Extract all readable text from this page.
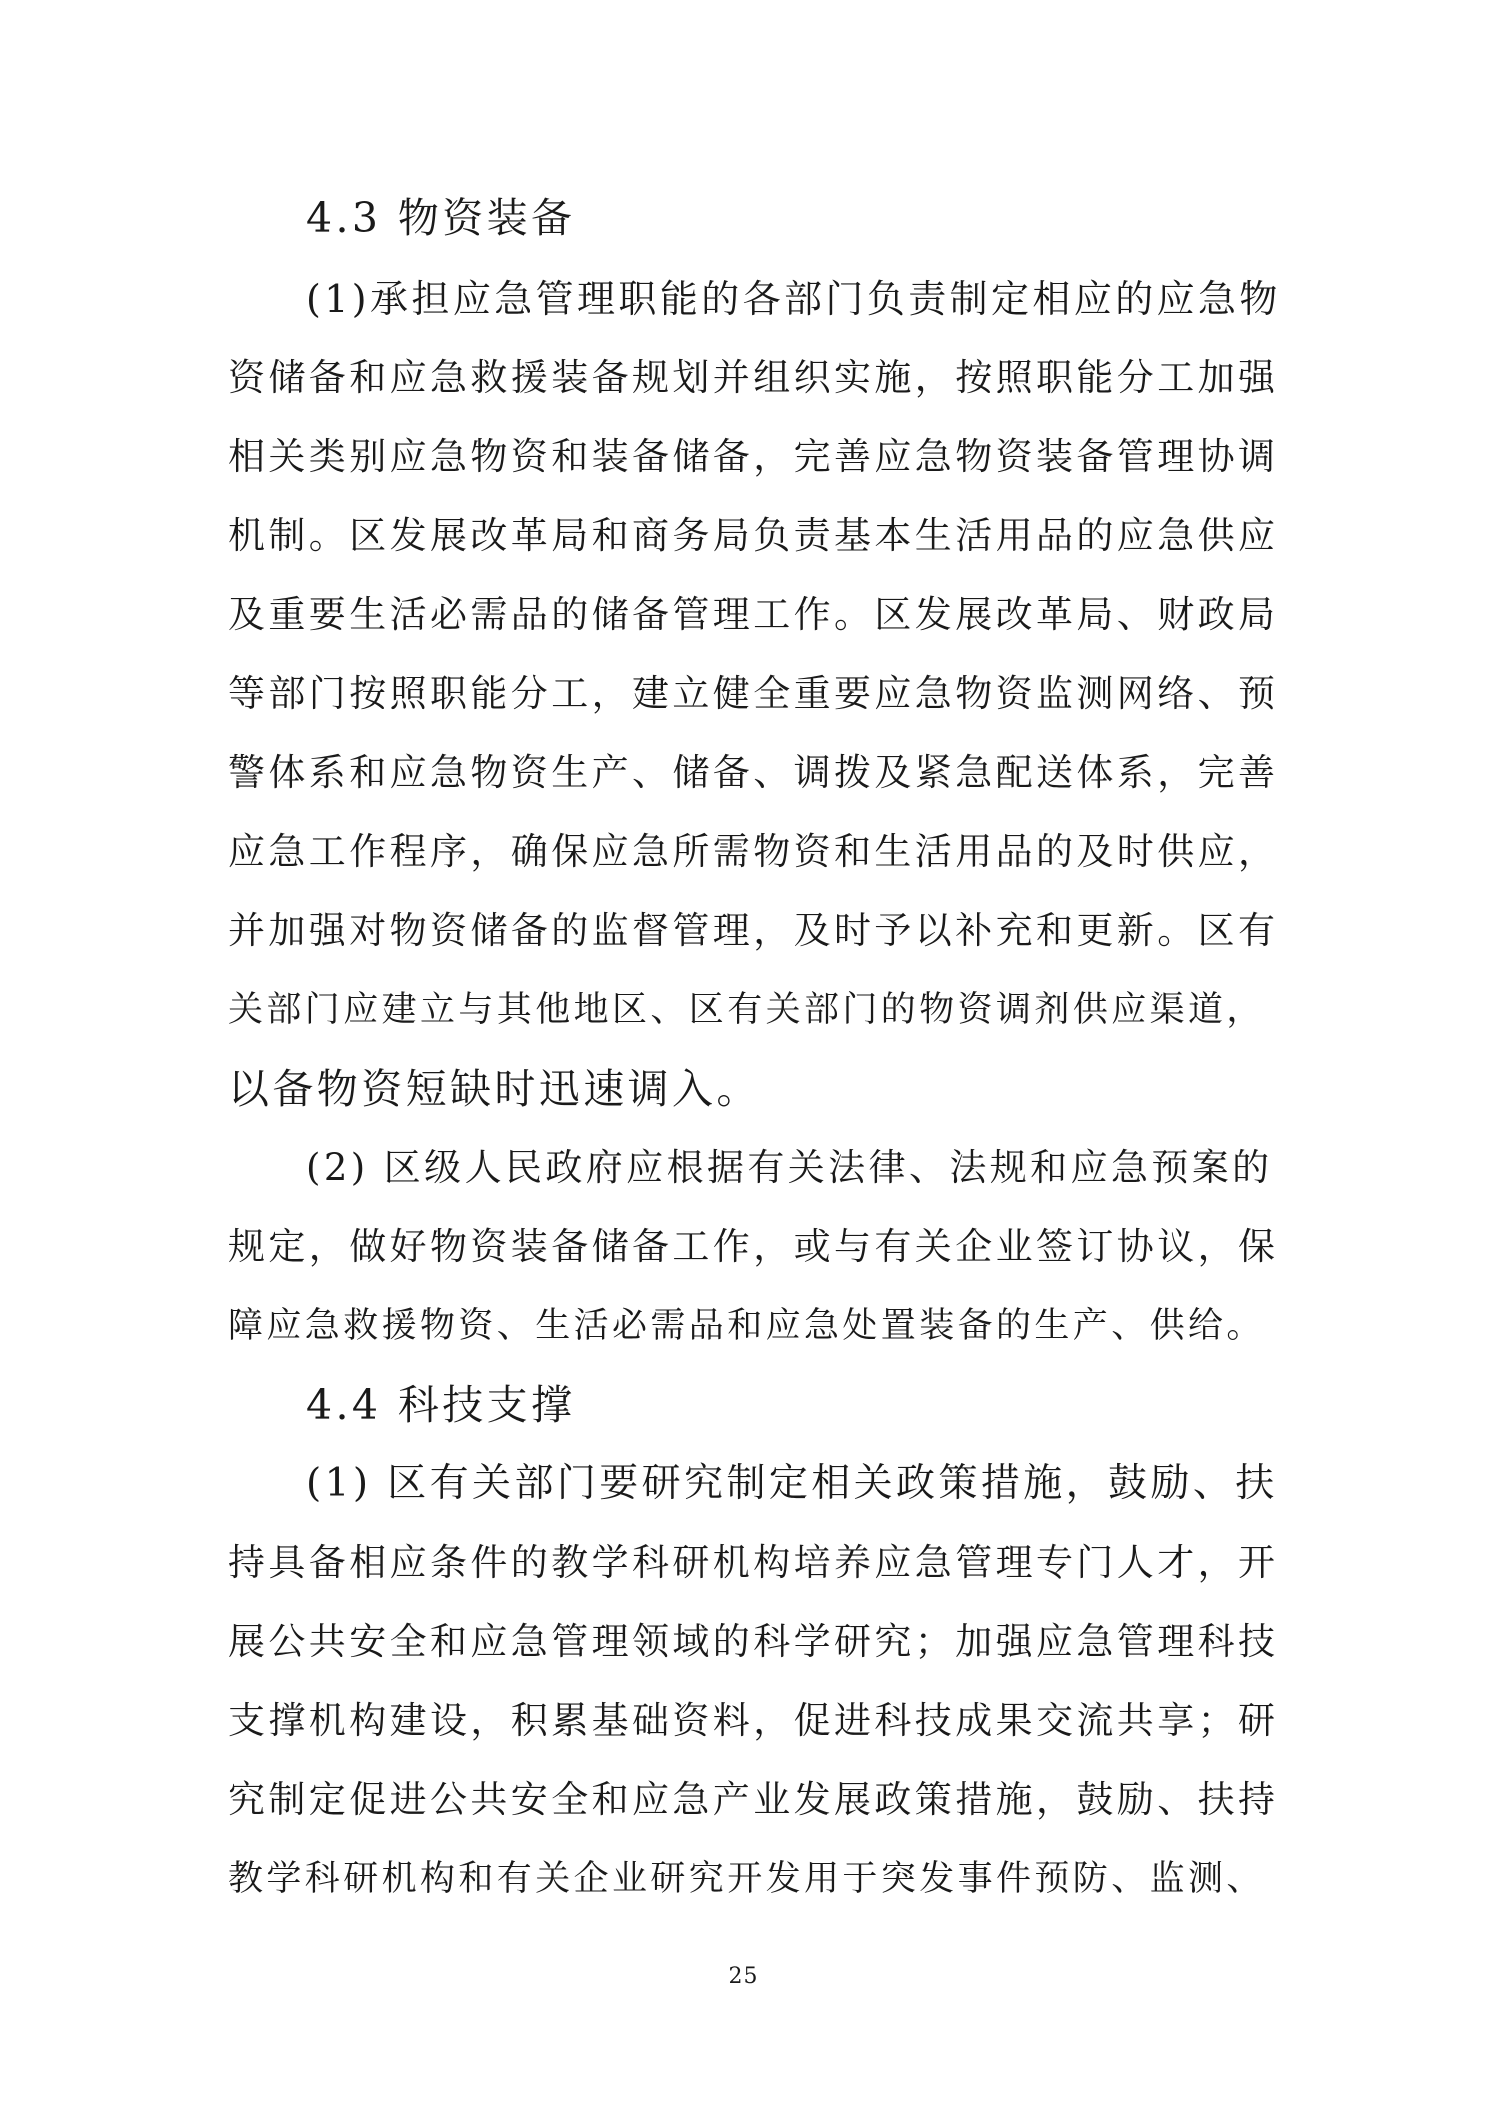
4.3 物资装备
(1)承担应急管理职能的各部门负责制定相应的应急物
资储备和应急救援装备规划并组织实施，按照职能分工加强
相关类别应急物资和装备储备，完善应急物资装备管理协调
机制。区发展改革局和商务局负责基本生活用品的应急供应
及重要生活必需品的储备管理工作。区发展改革局、财政局
等部门按照职能分工，建立健全重要应急物资监测网络、预
警体系和应急物资生产、储备、调拨及紧急配送体系，完善
应急工作程序，确保应急所需物资和生活用品的及时供应，
并加强对物资储备的监督管理，及时予以补充和更新。区有
关部门应建立与其他地区、区有关部门的物资调剂供应渠道，
以备物资短缺时迅速调入。
(2) 区级人民政府应根据有关法律、法规和应急预案的
规定，做好物资装备储备工作，或与有关企业签订协议，保
障应急救援物资、生活必需品和应急处置装备的生产、供给。
4.4 科技支撑
(1) 区有关部门要研究制定相关政策措施，鼓励、扶
持具备相应条件的教学科研机构培养应急管理专门人才，开
展公共安全和应急管理领域的科学研究；加强应急管理科技
支撑机构建设，积累基础资料，促进科技成果交流共享；研
究制定促进公共安全和应急产业发展政策措施，鼓励、扶持
教学科研机构和有关企业研究开发用于突发事件预防、监测、
25
